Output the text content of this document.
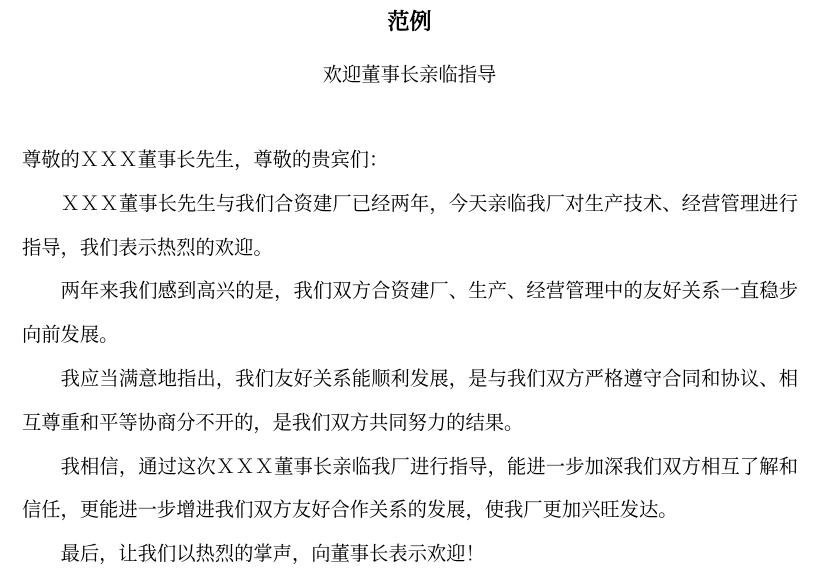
范例
欢迎董事长亲临指导
尊敬的ＸＸＸ董事长先生，尊敬的贵宾们：
ＸＸＸ董事长先生与我们合资建厂已经两年，今天亲临我厂对生产技术、经营管理进行
指导，我们表示热烈的欢迎。
两年来我们感到高兴的是，我们双方合资建厂、生产、经营管理中的友好关系一直稳步
向前发展。
我应当满意地指出，我们友好关系能顺利发展，是与我们双方严格遵守合同和协议、相
互尊重和平等协商分不开的，是我们双方共同努力的结果。
我相信，通过这次ＸＸＸ董事长亲临我厂进行指导，能进一步加深我们双方相互了解和
信任，更能进一步增进我们双方友好合作关系的发展，使我厂更加兴旺发达。
最后，让我们以热烈的掌声，向董事长表示欢迎！
